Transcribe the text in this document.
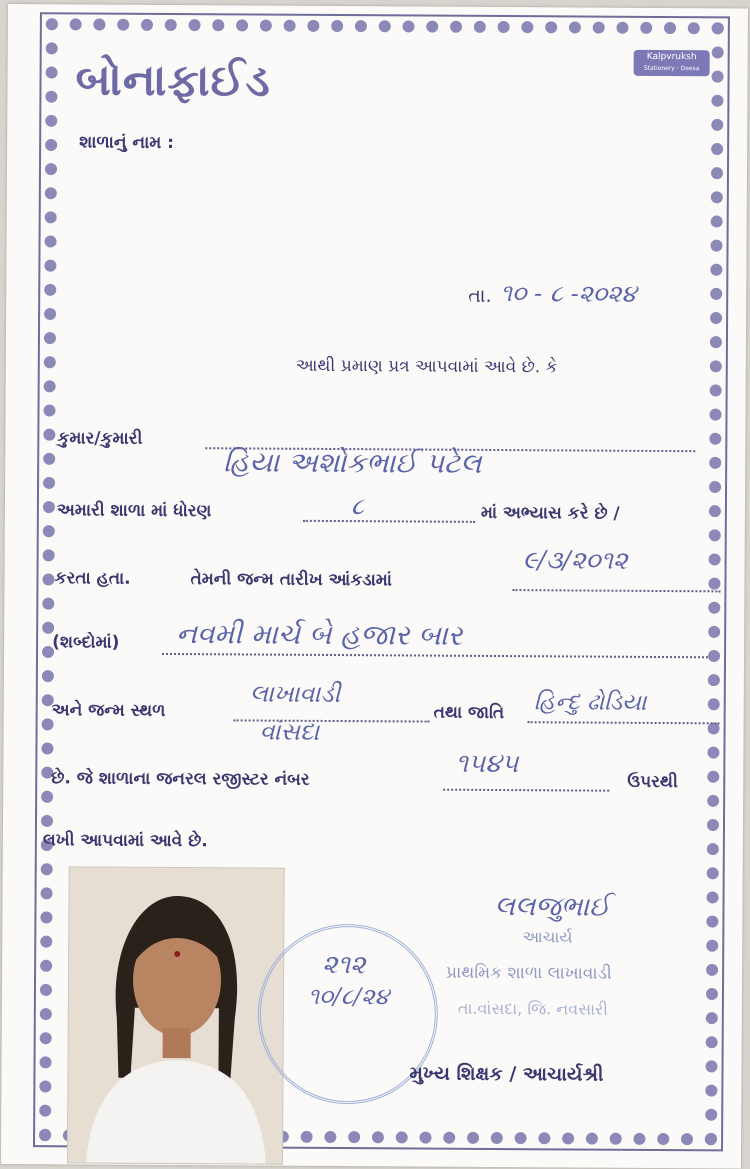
બોનાફાઈડ	Kalpvruksh
Stationery · Deesa
શાળાનું નામ :
તા. ૧૦ - ૮ -૨૦૨૪
આથી પ્રમાણ પ્રત્ર આપવામાં આવે છે. કે
કુમાર/કુમારી
હિયા અશોકભાઈ પટેલ
અમારી શાળા માં ધોરણ	૮	માં અભ્યાસ કરે છે /
કરતા હતા.	તેમની જન્મ તારીખ આંકડામાં
૯/૩/૨૦૧૨
(શબ્દોમાં) નવમી માર્ચ બે હજાર બાર
અને જન્મ સ્થળ
લાખાવાડી
વાંસદા
તથા જાતિ હિન્દુ ઢોડિયા
છે. જે શાળાના જનરલ રજીસ્ટર નંબર	૧૫૪૫
ઉપરથી
લખી આપવામાં આવે છે.
૨૧૨
૧૦/૮/૨૪
લલજુભાઈ
આચાર્ય
પ્રાથમિક શાળા લાખાવાડી
તા.વાંસદા, જિ. નવસારી
મુખ્ય શિક્ષક / આચાર્યશ્રી
